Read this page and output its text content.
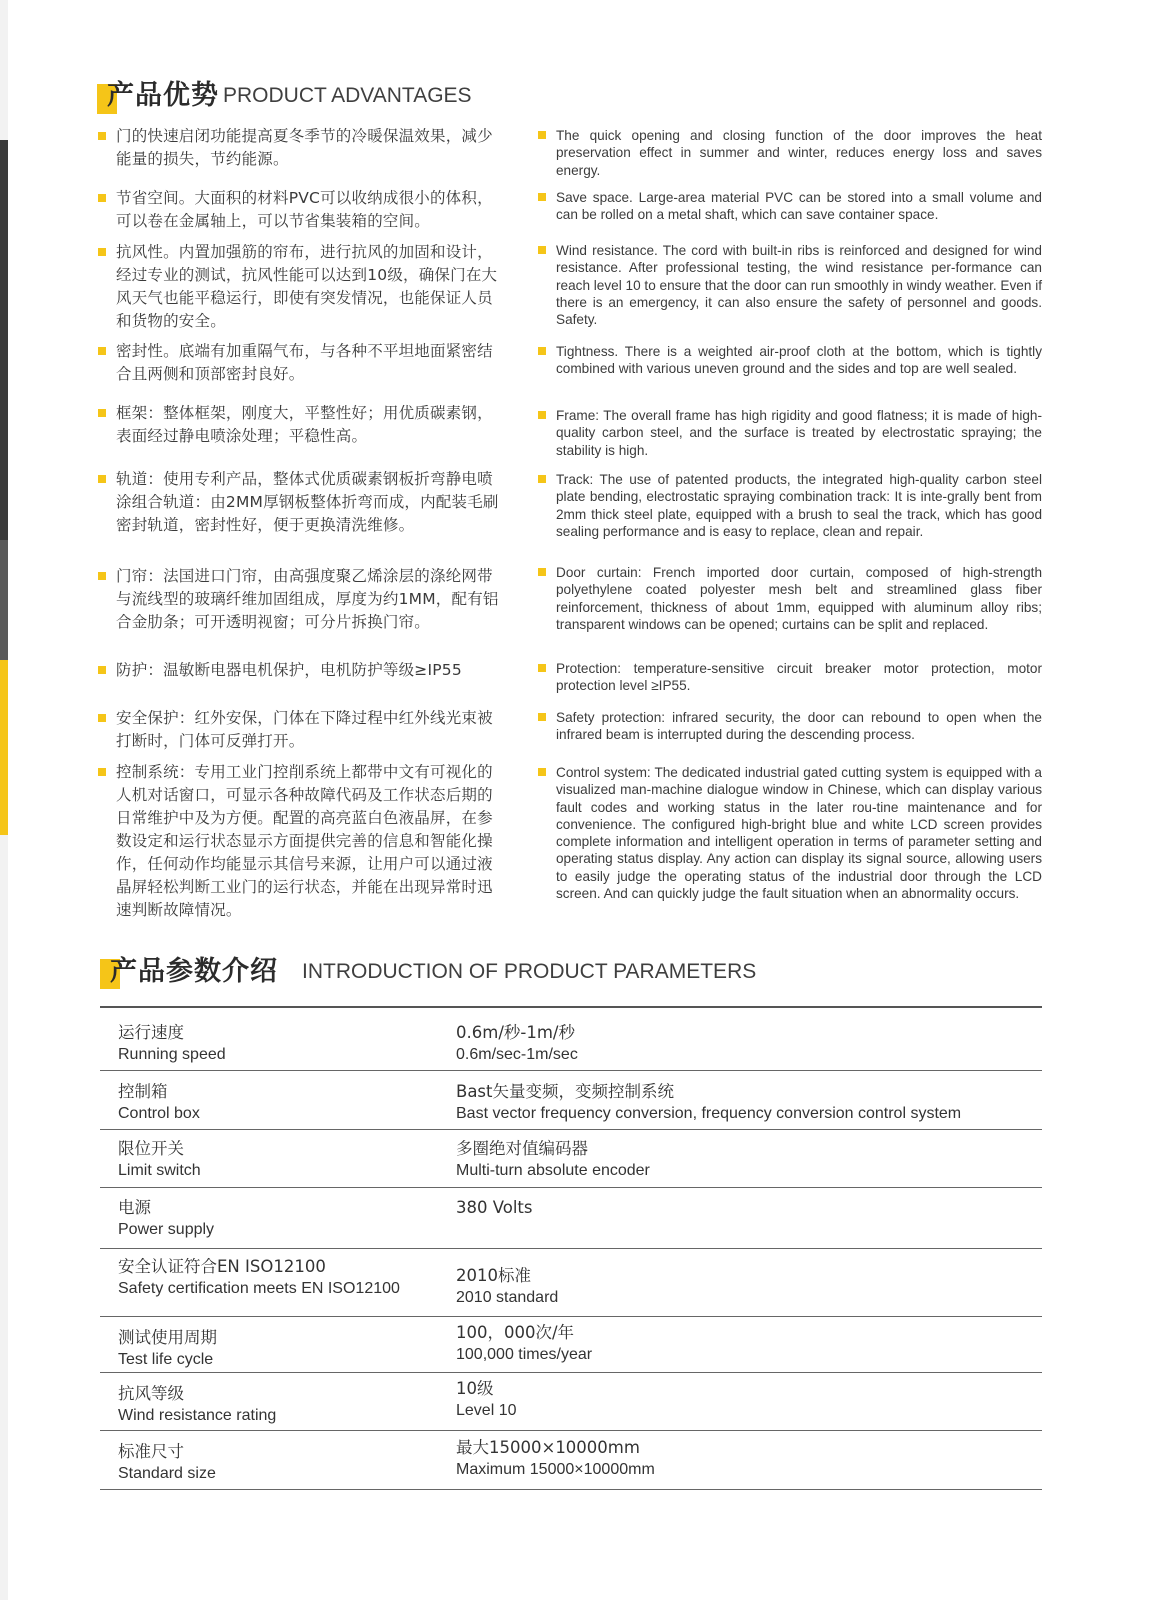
产品优势 PRODUCT ADVANTAGES
门的快速启闭功能提高夏冬季节的冷暖保温效果，减少能量的损失，节约能源。
节省空间。大面积的材料PVC可以收纳成很小的体积，可以卷在金属轴上，可以节省集装箱的空间。
抗风性。内置加强筋的帘布，进行抗风的加固和设计，经过专业的测试，抗风性能可以达到10级，确保门在大风天气也能平稳运行，即使有突发情况，也能保证人员和货物的安全。
密封性。底端有加重隔气布，与各种不平坦地面紧密结合且两侧和顶部密封良好。
框架：整体框架，刚度大，平整性好；用优质碳素钢，表面经过静电喷涂处理；平稳性高。
轨道：使用专利产品，整体式优质碳素钢板折弯静电喷涂组合轨道：由2MM厚钢板整体折弯而成，内配装毛刷密封轨道，密封性好，便于更换清洗维修。
门帘：法国进口门帘，由高强度聚乙烯涂层的涤纶网带与流线型的玻璃纤维加固组成，厚度为约1MM，配有铝合金肋条；可开透明视窗；可分片拆换门帘。
防护：温敏断电器电机保护，电机防护等级≥IP55
安全保护：红外安保，门体在下降过程中红外线光束被打断时，门体可反弹打开。
控制系统：专用工业门控削系统上都带中文有可视化的人机对话窗口，可显示各种故障代码及工作状态后期的日常维护中及为方便。配置的高亮蓝白色液晶屏，在参数设定和运行状态显示方面提供完善的信息和智能化操作，任何动作均能显示其信号来源，让用户可以通过液晶屏轻松判断工业门的运行状态，并能在出现异常时迅速判断故障情况。
The quick opening and closing function of the door improves the heat preservation effect in summer and winter, reduces energy loss and saves energy.
Save space. Large-area material PVC can be stored into a small volume and can be rolled on a metal shaft, which can save container space.
Wind resistance. The cord with built-in ribs is reinforced and designed for wind resistance. After professional testing, the wind resistance per-formance can reach level 10 to ensure that the door can run smoothly in windy weather. Even if there is an emergency, it can also ensure the safety of personnel and goods. Safety.
Tightness. There is a weighted air-proof cloth at the bottom, which is tightly combined with various uneven ground and the sides and top are well sealed.
Frame: The overall frame has high rigidity and good flatness; it is made of high-quality carbon steel, and the surface is treated by electrostatic spraying; the stability is high.
Track: The use of patented products, the integrated high-quality carbon steel plate bending, electrostatic spraying combination track: It is inte-grally bent from 2mm thick steel plate, equipped with a brush to seal the track, which has good sealing performance and is easy to replace, clean and repair.
Door curtain: French imported door curtain, composed of high-strength polyethylene coated polyester mesh belt and streamlined glass fiber reinforcement, thickness of about 1mm, equipped with aluminum alloy ribs; transparent windows can be opened; curtains can be split and replaced.
Protection: temperature-sensitive circuit breaker motor protection, motor protection level ≥IP55.
Safety protection: infrared security, the door can rebound to open when the infrared beam is interrupted during the descending process.
Control system: The dedicated industrial gated cutting system is equipped with a visualized man-machine dialogue window in Chinese, which can display various fault codes and working status in the later rou-tine maintenance and for convenience. The configured high-bright blue and white LCD screen provides complete information and intelligent operation in terms of parameter setting and operating status display. Any action can display its signal source, allowing users to easily judge the operating status of the industrial door through the LCD screen. And can quickly judge the fault situation when an abnormality occurs.
产品参数介绍 INTRODUCTION OF PRODUCT PARAMETERS
运行速度
Running speed
0.6m/秒-1m/秒
0.6m/sec-1m/sec
控制箱
Control box
Bast矢量变频，变频控制系统
Bast vector frequency conversion, frequency conversion control system
限位开关
Limit switch
多圈绝对值编码器
Multi-turn absolute encoder
电源
Power supply
380 Volts
安全认证符合EN ISO12100
Safety certification meets EN ISO12100
2010标准
2010 standard
测试使用周期
Test life cycle
100，000次/年
100,000 times/year
抗风等级
Wind resistance rating
10级
Level 10
标准尺寸
Standard size
最大15000×10000mm
Maximum 15000×10000mm
